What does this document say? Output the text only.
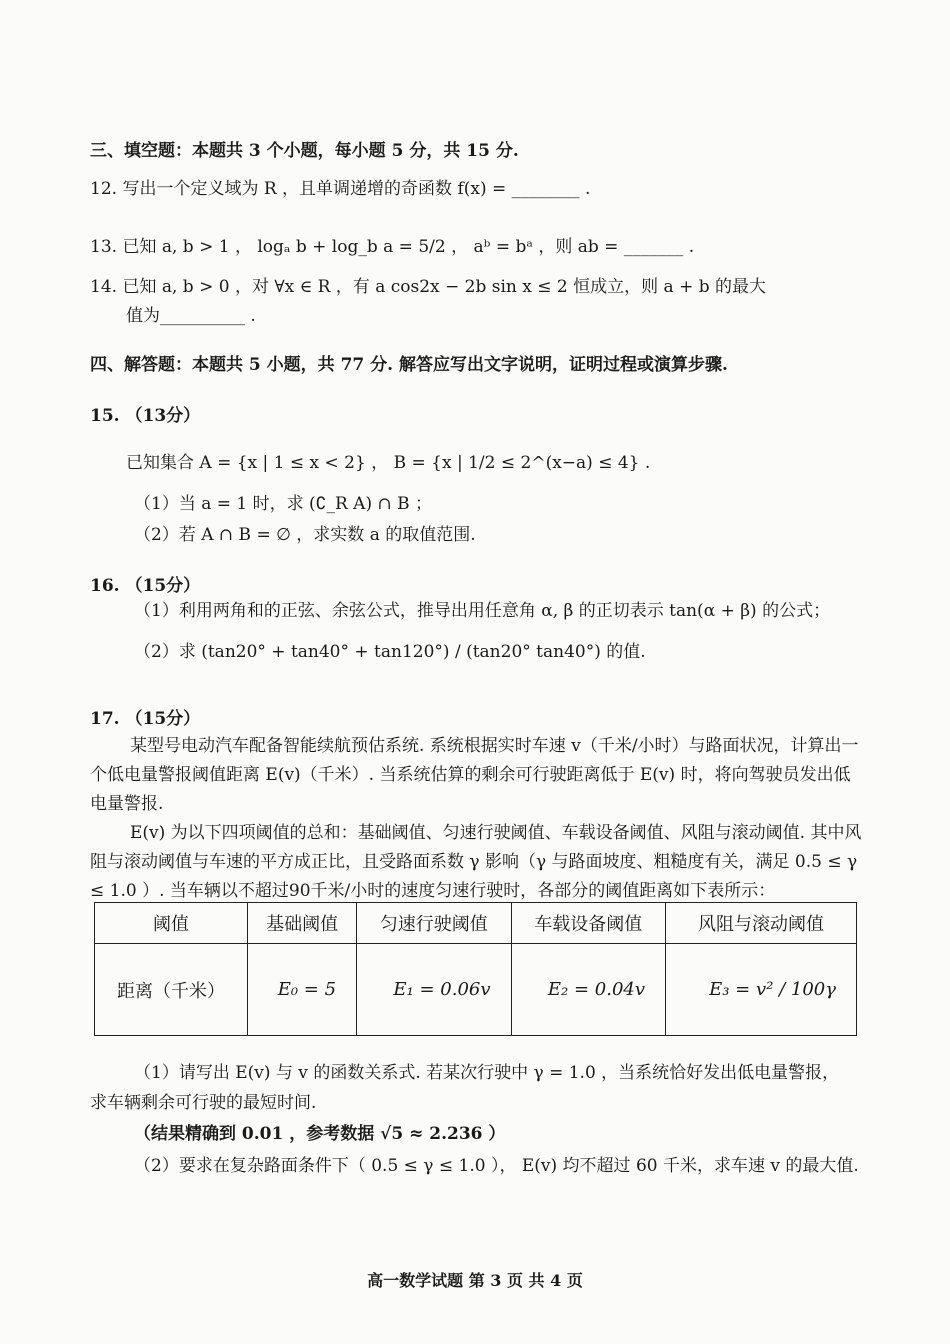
三、填空题：本题共 3 个小题，每小题 5 分，共 15 分.
12. 写出一个定义域为 R ，且单调递增的奇函数 f(x) = ________ .
13. 已知 a, b > 1 ， logₐ b + log_b a = 5/2 ， aᵇ = bᵃ ，则 ab = _______ .
14. 已知 a, b > 0 ，对 ∀x ∈ R ，有 a cos2x − 2b sin x ≤ 2 恒成立，则 a + b 的最大
值为__________ .
四、解答题：本题共 5 小题，共 77 分. 解答应写出文字说明，证明过程或演算步骤.
15. （13分）
已知集合 A = {x | 1 ≤ x < 2} ， B = {x | 1/2 ≤ 2^(x−a) ≤ 4} .
（1）当 a = 1 时，求 (∁_R A) ∩ B ；
（2）若 A ∩ B = ∅ ，求实数 a 的取值范围.
16. （15分）
（1）利用两角和的正弦、余弦公式，推导出用任意角 α, β 的正切表示 tan(α + β) 的公式；
（2）求 (tan20° + tan40° + tan120°) / (tan20° tan40°) 的值.
17. （15分）

某型号电动汽车配备智能续航预估系统. 系统根据实时车速 v（千米/小时）与路面状况，计算出一个低电量警报阈值距离 E(v)（千米）. 当系统估算的剩余可行驶距离低于 E(v) 时，将向驾驶员发出低电量警报.

E(v) 为以下四项阈值的总和：基础阈值、匀速行驶阈值、车载设备阈值、风阻与滚动阈值. 其中风阻与滚动阈值与车速的平方成正比，且受路面系数 γ 影响（γ 与路面坡度、粗糙度有关，满足 0.5 ≤ γ ≤ 1.0 ）. 当车辆以不超过90千米/小时的速度匀速行驶时，各部分的阈值距离如下表所示：

阈值	基础阈值	匀速行驶阈值	车载设备阈值	风阻与滚动阈值
距离（千米）	E₀ = 5	E₁ = 0.06v	E₂ = 0.04v	E₃ = v² / 100γ
（1）请写出 E(v) 与 v 的函数关系式. 若某次行驶中 γ = 1.0 ，当系统恰好发出低电量警报，
求车辆剩余可行驶的最短时间.
（结果精确到 0.01 ，参考数据 √5 ≈ 2.236 ）
（2）要求在复杂路面条件下（ 0.5 ≤ γ ≤ 1.0 ）， E(v) 均不超过 60 千米，求车速 v 的最大值.
高一数学试题 第 3 页 共 4 页
